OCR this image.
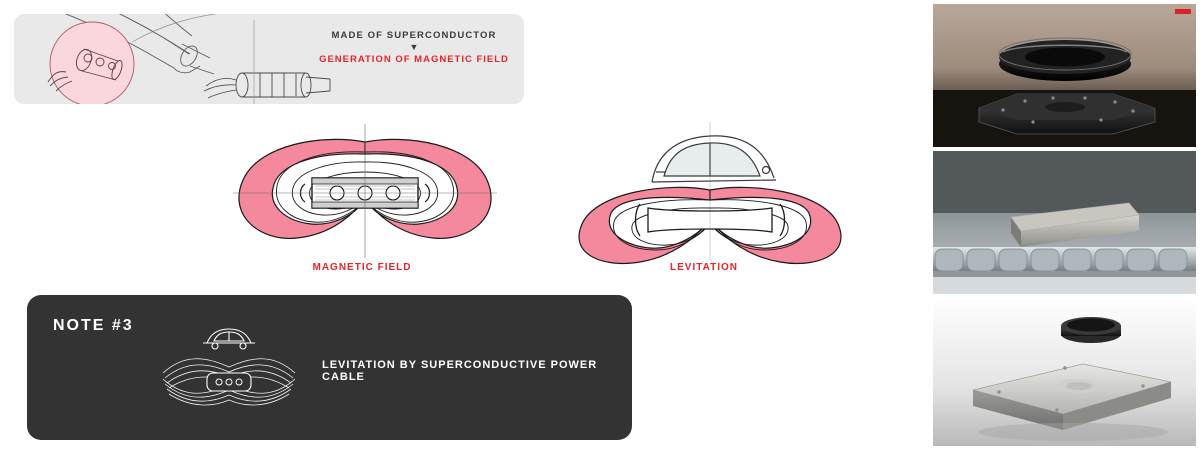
MADE OF SUPERCONDUCTOR
▼
GENERATION OF MAGNETIC FIELD
MAGNETIC FIELD	LEVITATION
NOTE #3
LEVITATION BY SUPERCONDUCTIVE POWER CABLE
